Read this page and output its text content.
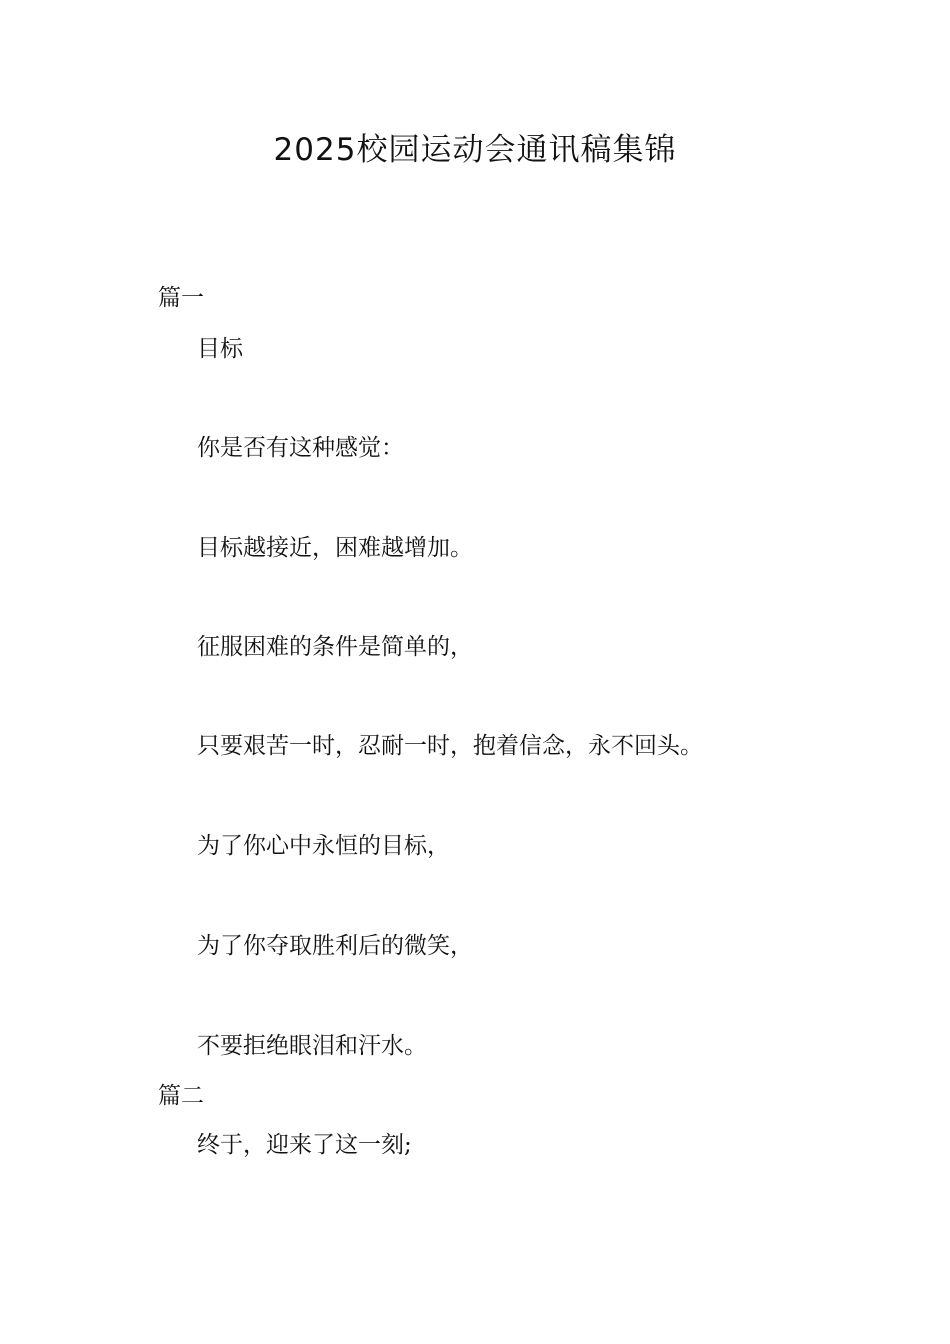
2025校园运动会通讯稿集锦

篇一

目标

你是否有这种感觉：

目标越接近，困难越增加。

征服困难的条件是简单的，

只要艰苦一时，忍耐一时，抱着信念，永不回头。

为了你心中永恒的目标，

为了你夺取胜利后的微笑，

不要拒绝眼泪和汗水。

篇二

终于，迎来了这一刻;
